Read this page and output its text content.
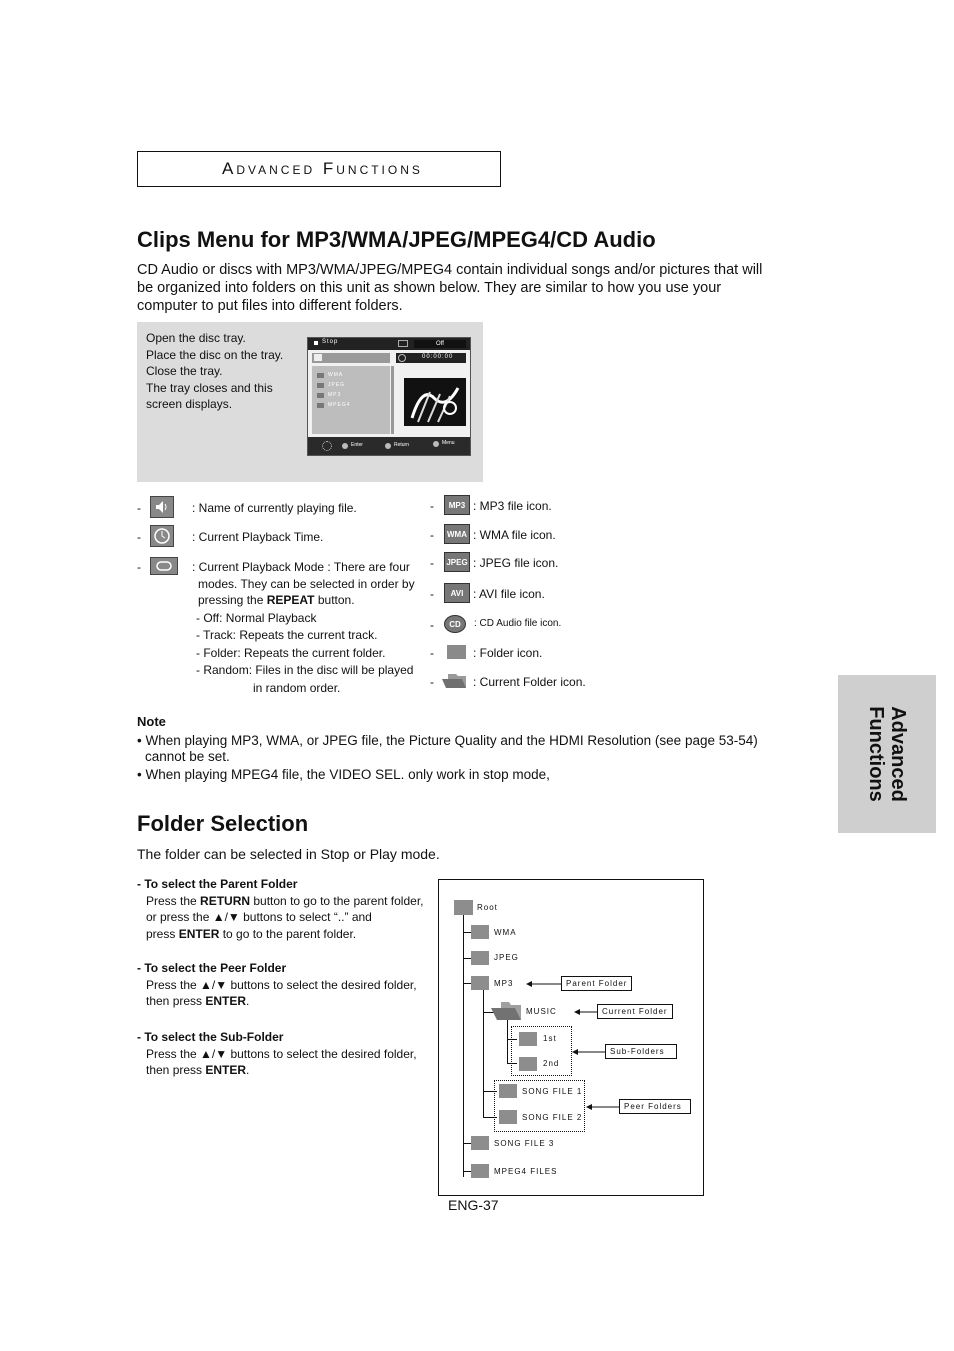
Advanced Functions
Advanced
Functions
Clips Menu for MP3/WMA/JPEG/MPEG4/CD Audio
CD Audio or discs with MP3/WMA/JPEG/MPEG4 contain individual songs and/or pictures that will
be organized into folders on this unit as shown below. They are similar to how you use your
computer to put files into different folders.
Open the disc tray.
Place the disc on the tray.
Close the tray.
The tray closes and this
screen displays.
Stop	Off
00:00:00
WMA
JPEG
MP3
MPEG4
Enter	Return	Menu
-	: Name of currently playing file.
-	: Current Playback Time.
-	: Current Playback Mode : There are four
modes. They can be selected in order by
pressing the REPEAT button.
- Off: Normal Playback
- Track: Repeats the current track.
- Folder: Repeats the current folder.
- Random: Files in the disc will be played
in random order.
-	MP3 : MP3 file icon.
-	WMA : WMA file icon.
- JPEG : JPEG file icon.
-	AVI : AVI file icon.
-	CD	: CD Audio file icon.
-	: Folder icon.
-	: Current Folder icon.
Note
• When playing MP3, WMA, or JPEG file, the Picture Quality and the HDMI Resolution (see page 53-54)
cannot be set.
• When playing MPEG4 file, the VIDEO SEL. only work in stop mode,
Folder Selection
The folder can be selected in Stop or Play mode.
- To select the Parent Folder
Press the RETURN button to go to the parent folder,
or press the ▲/▼ buttons to select “..” and
press ENTER to go to the parent folder.
- To select the Peer Folder
Press the ▲/▼ buttons to select the desired folder,
then press ENTER.
- To select the Sub-Folder
Press the ▲/▼ buttons to select the desired folder,
then press ENTER.
Root
WMA
JPEG
MP3
MUSIC
1st
2nd
SONG FILE 1
SONG FILE 2
SONG FILE 3
MPEG4 FILES
Parent Folder
Current Folder
Sub-Folders
Peer Folders
ENG-37
